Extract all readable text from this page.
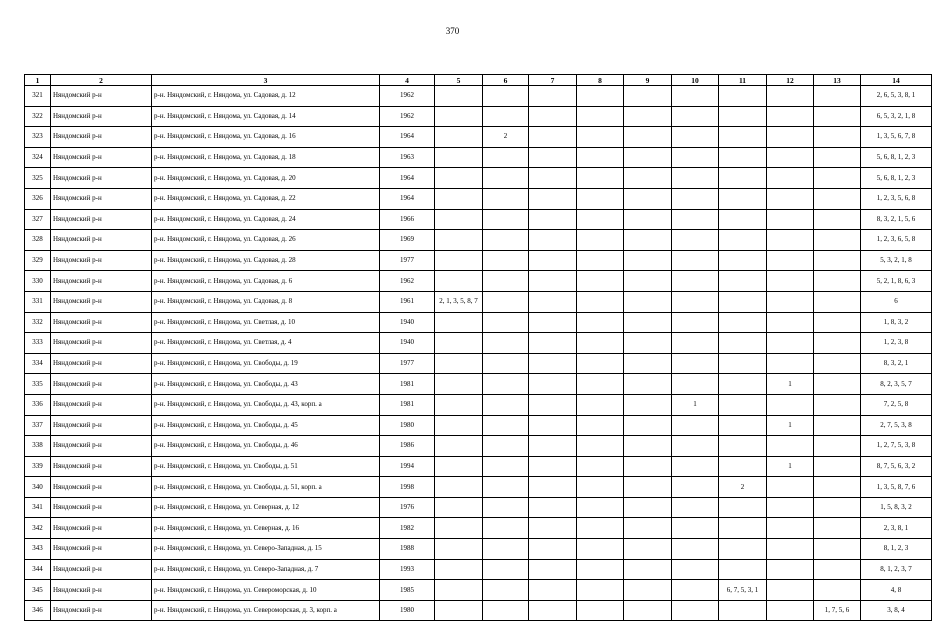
370
1	2	3	4	5	6	7	8	9	10	11	12	13	14
321	Няндомский р-н	р-н. Няндомский, г. Няндома, ул. Садовая, д. 12	1962										2, 6, 5, 3, 8, 1
322	Няндомский р-н	р-н. Няндомский, г. Няндома, ул. Садовая, д. 14	1962										6, 5, 3, 2, 1, 8
323	Няндомский р-н	р-н. Няндомский, г. Няндома, ул. Садовая, д. 16	1964		2								1, 3, 5, 6, 7, 8
324	Няндомский р-н	р-н. Няндомский, г. Няндома, ул. Садовая, д. 18	1963										5, 6, 8, 1, 2, 3
325	Няндомский р-н	р-н. Няндомский, г. Няндома, ул. Садовая, д. 20	1964										5, 6, 8, 1, 2, 3
326	Няндомский р-н	р-н. Няндомский, г. Няндома, ул. Садовая, д. 22	1964										1, 2, 3, 5, 6, 8
327	Няндомский р-н	р-н. Няндомский, г. Няндома, ул. Садовая, д. 24	1966										8, 3, 2, 1, 5, 6
328	Няндомский р-н	р-н. Няндомский, г. Няндома, ул. Садовая, д. 26	1969										1, 2, 3, 6, 5, 8
329	Няндомский р-н	р-н. Няндомский, г. Няндома, ул. Садовая, д. 28	1977										5, 3, 2, 1, 8
330	Няндомский р-н	р-н. Няндомский, г. Няндома, ул. Садовая, д. 6	1962										5, 2, 1, 8, 6, 3
331	Няндомский р-н	р-н. Няндомский, г. Няндома, ул. Садовая, д. 8	1961	2, 1, 3, 5, 8, 7									6
332	Няндомский р-н	р-н. Няндомский, г. Няндома, ул. Светлая, д. 10	1940										1, 8, 3, 2
333	Няндомский р-н	р-н. Няндомский, г. Няндома, ул. Светлая, д. 4	1940										1, 2, 3, 8
334	Няндомский р-н	р-н. Няндомский, г. Няндома, ул. Свободы, д. 19	1977										8, 3, 2, 1
335	Няндомский р-н	р-н. Няндомский, г. Няндома, ул. Свободы, д. 43	1981								1		8, 2, 3, 5, 7
336	Няндомский р-н	р-н. Няндомский, г. Няндома, ул. Свободы, д. 43, корп. а	1981						1				7, 2, 5, 8
337	Няндомский р-н	р-н. Няндомский, г. Няндома, ул. Свободы, д. 45	1980								1		2, 7, 5, 3, 8
338	Няндомский р-н	р-н. Няндомский, г. Няндома, ул. Свободы, д. 46	1986										1, 2, 7, 5, 3, 8
339	Няндомский р-н	р-н. Няндомский, г. Няндома, ул. Свободы, д. 51	1994								1		8, 7, 5, 6, 3, 2
340	Няндомский р-н	р-н. Няндомский, г. Няндома, ул. Свободы, д. 51, корп. а	1998							2			1, 3, 5, 8, 7, 6
341	Няндомский р-н	р-н. Няндомский, г. Няндома, ул. Северная, д. 12	1976										1, 5, 8, 3, 2
342	Няндомский р-н	р-н. Няндомский, г. Няндома, ул. Северная, д. 16	1982										2, 3, 8, 1
343	Няндомский р-н	р-н. Няндомский, г. Няндома, ул. Северо-Западная, д. 15	1988										8, 1, 2, 3
344	Няндомский р-н	р-н. Няндомский, г. Няндома, ул. Северо-Западная, д. 7	1993										8, 1, 2, 3, 7
345	Няндомский р-н	р-н. Няндомский, г. Няндома, ул. Североморская, д. 10	1985							6, 7, 5, 3, 1			4, 8
346	Няндомский р-н	р-н. Няндомский, г. Няндома, ул. Североморская, д. 3, корп. а	1980									1, 7, 5, 6	3, 8, 4
